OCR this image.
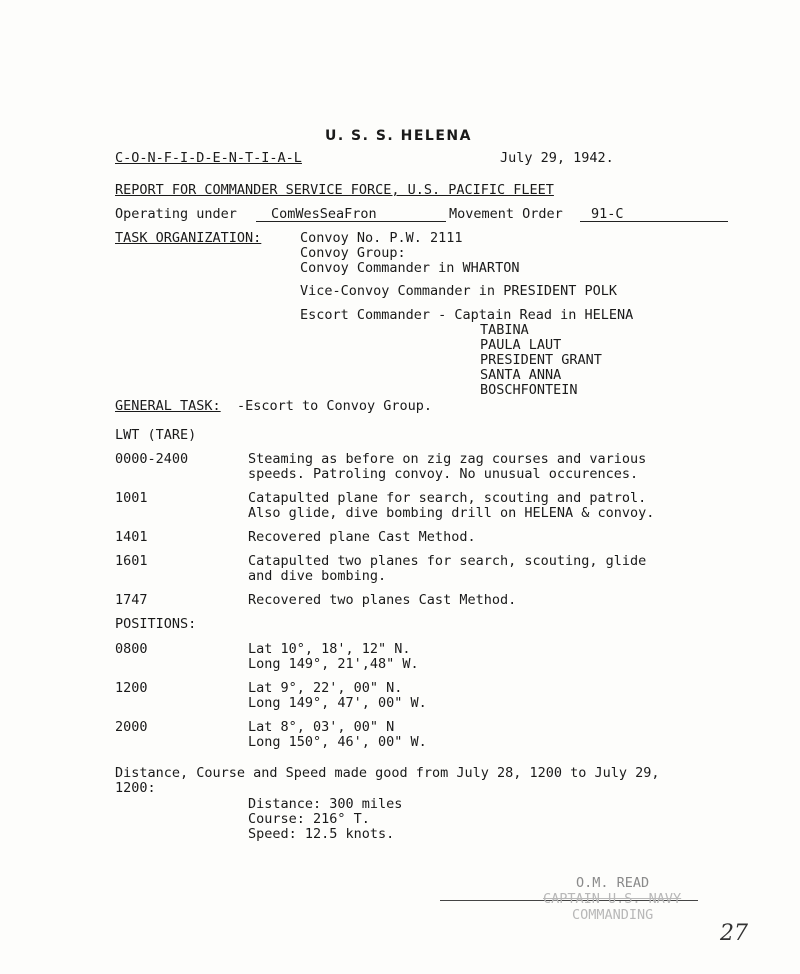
U. S. S. HELENA
C-O-N-F-I-D-E-N-T-I-A-L	July 29, 1942.
REPORT FOR COMMANDER SERVICE FORCE, U.S. PACIFIC FLEET
Operating under	ComWesSeaFron	Movement Order 91-C
TASK ORGANIZATION:	Convoy No. P.W. 2111
Convoy Group:
Convoy Commander in WHARTON
Vice-Convoy Commander in PRESIDENT POLK
Escort Commander - Captain Read in HELENA
TABINA
PAULA LAUT
PRESIDENT GRANT
SANTA ANNA
BOSCHFONTEIN
GENERAL TASK: -Escort to Convoy Group.
LWT (TARE)
0000-2400	Steaming as before on zig zag courses and various
speeds. Patroling convoy. No unusual occurences.
1001	Catapulted plane for search, scouting and patrol.
Also glide, dive bombing drill on HELENA & convoy.
1401	Recovered plane Cast Method.
1601	Catapulted two planes for search, scouting, glide
and dive bombing.
1747	Recovered two planes Cast Method.
POSITIONS:
0800	Lat 10°, 18', 12" N.
Long 149°, 21',48" W.
1200	Lat 9°, 22', 00" N.
Long 149°, 47', 00" W.
2000	Lat 8°, 03', 00" N
Long 150°, 46', 00" W.
Distance, Course and Speed made good from July 28, 1200 to July 29,
1200:
Distance: 300 miles
Course: 216° T.
Speed: 12.5 knots.
O.M. READ
CAPTAIN U.S. NAVY
COMMANDING
27
